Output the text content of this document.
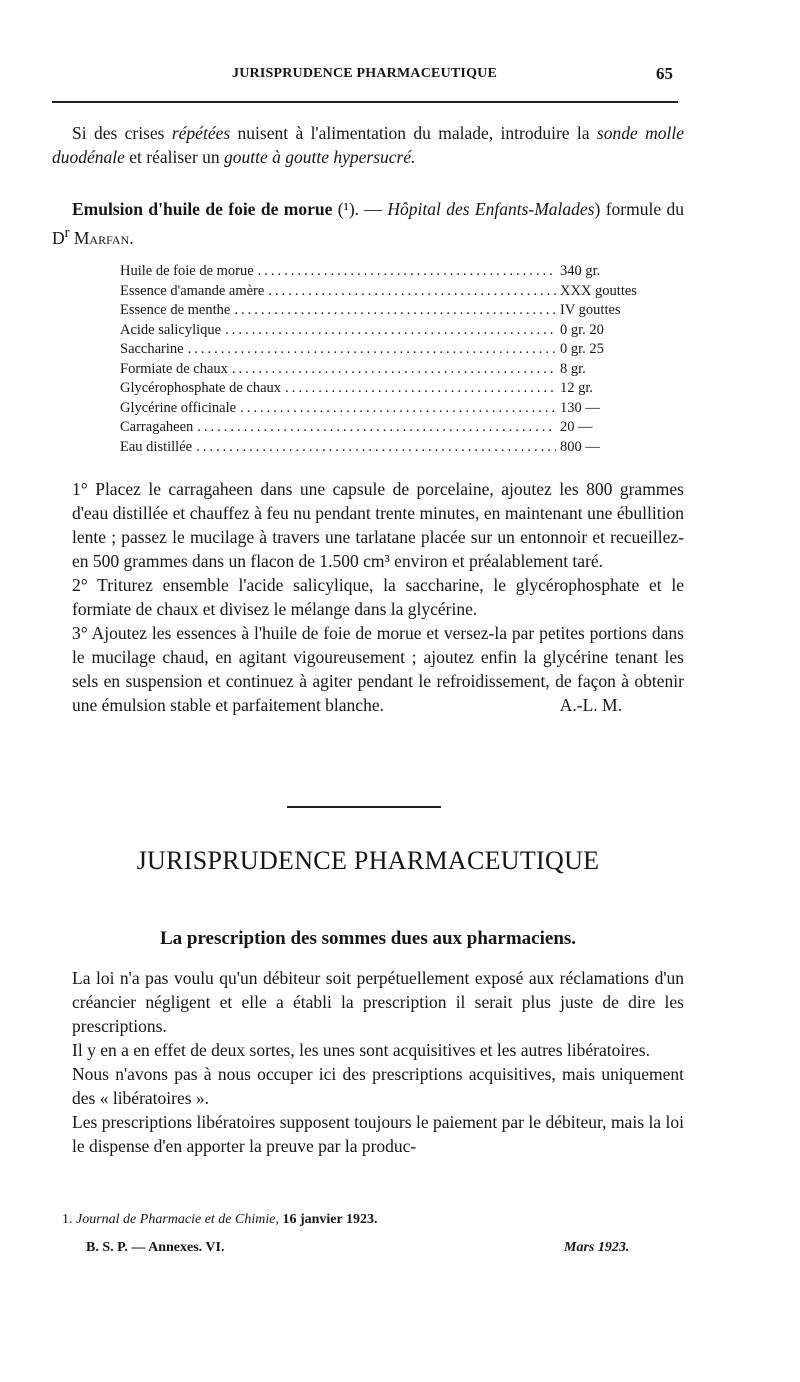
JURISPRUDENCE PHARMACEUTIQUE	65
Si des crises répétées nuisent à l'alimentation du malade, introduire la sonde molle duodénale et réaliser un goutte à goutte hypersucré.
Emulsion d'huile de foie de morue (¹). — Hôpital des Enfants-Malades) formule du $D^r$ Marfan.
Huile de foie de morue .....	340 gr.
Essence d'amande amère .....	XXX gouttes
Essence de menthe .....	IV gouttes
Acide salicylique .....	0 gr. 20
Saccharine .....	0 gr. 25
Formiate de chaux .....	8 gr.
Glycérophosphate de chaux .....	12 gr.
Glycérine officinale .....	130 —
Carragaheen .....	20 —
Eau distillée .....	800 —
1° Placez le carragaheen dans une capsule de porcelaine, ajoutez les 800 grammes d'eau distillée et chauffez à feu nu pendant trente minutes, en maintenant une ébullition lente ; passez le mucilage à travers une tarlatane placée sur un entonnoir et recueillez-en 500 grammes dans un flacon de 1.500 cm³ environ et préalablement taré.
2° Triturez ensemble l'acide salicylique, la saccharine, le glycérophosphate et le formiate de chaux et divisez le mélange dans la glycérine.
3° Ajoutez les essences à l'huile de foie de morue et versez-la par petites portions dans le mucilage chaud, en agitant vigoureusement ; ajoutez enfin la glycérine tenant les sels en suspension et continuez à agiter pendant le refroidissement, de façon à obtenir une émulsion stable et parfaitement blanche.	A.-L. M.
JURISPRUDENCE PHARMACEUTIQUE
La prescription des sommes dues aux pharmaciens.
La loi n'a pas voulu qu'un débiteur soit perpétuellement exposé aux réclamations d'un créancier négligent et elle a établi la prescription il serait plus juste de dire les prescriptions.
Il y en a en effet de deux sortes, les unes sont acquisitives et les autres libératoires.
Nous n'avons pas à nous occuper ici des prescriptions acquisitives, mais uniquement des « libératoires ».
Les prescriptions libératoires supposent toujours le paiement par le débiteur, mais la loi le dispense d'en apporter la preuve par la produc-
1. Journal de Pharmacie et de Chimie, 16 janvier 1923.
B. S. P. — Annexes. VI.	Mars 1923.
